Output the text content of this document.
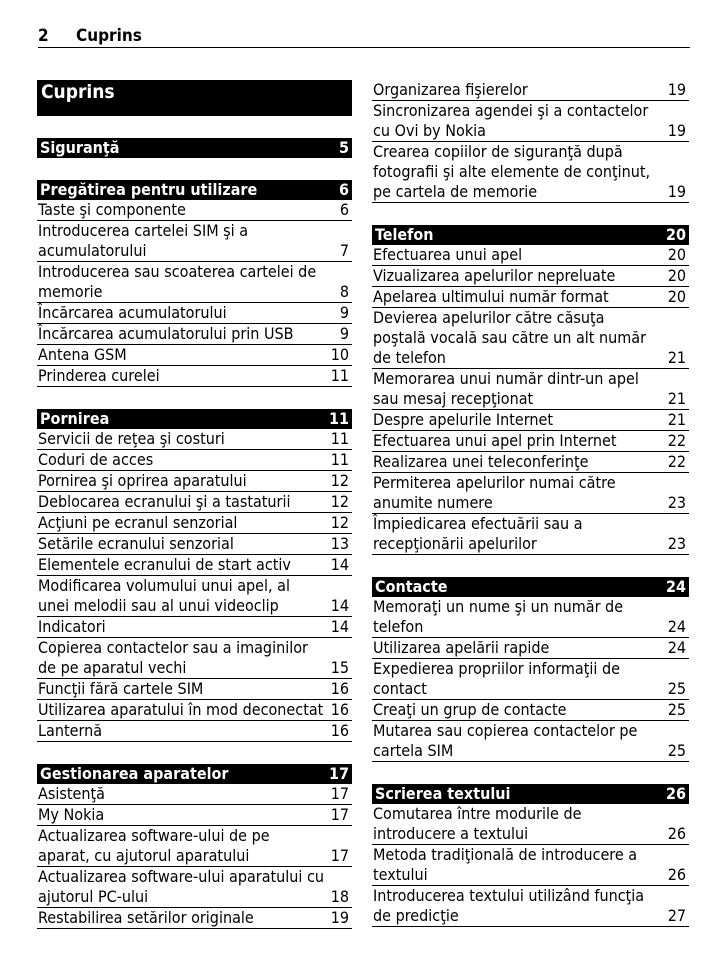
2 Cuprins
Cuprins
Siguranţă	5
Pregătirea pentru utilizare	6
Taste şi componente	6
Introducerea cartelei SIM şi a acumulatorului	7
Introducerea sau scoaterea cartelei de memorie	8
Încărcarea acumulatorului	9
Încărcarea acumulatorului prin USB	9
Antena GSM	10
Prinderea curelei	11
Pornirea	11
Servicii de reţea şi costuri	11
Coduri de acces	11
Pornirea şi oprirea aparatului	12
Deblocarea ecranului şi a tastaturii	12
Acţiuni pe ecranul senzorial	12
Setările ecranului senzorial	13
Elementele ecranului de start activ	14
Modificarea volumului unui apel, al unei melodii sau al unui videoclip	14
Indicatori	14
Copierea contactelor sau a imaginilor de pe aparatul vechi	15
Funcţii fără cartele SIM	16
Utilizarea aparatului în mod deconectat 16
Lanternă	16
Gestionarea aparatelor	17
Asistenţă	17
My Nokia	17
Actualizarea software-ului de pe aparat, cu ajutorul aparatului	17
Actualizarea software-ului aparatului cu ajutorul PC-ului	18
Restabilirea setărilor originale	19
Organizarea fişierelor	19
Sincronizarea agendei şi a contactelor cu Ovi by Nokia	19
Crearea copiilor de siguranţă după fotografii şi alte elemente de conţinut, pe cartela de memorie	19
Telefon	20
Efectuarea unui apel	20
Vizualizarea apelurilor nepreluate	20
Apelarea ultimului număr format	20
Devierea apelurilor către căsuţa poştală vocală sau către un alt număr de telefon	21
Memorarea unui număr dintr-un apel sau mesaj recepţionat	21
Despre apelurile Internet	21
Efectuarea unui apel prin Internet	22
Realizarea unei teleconferinţe	22
Permiterea apelurilor numai către anumite numere	23
Împiedicarea efectuării sau a recepţionării apelurilor	23
Contacte	24
Memoraţi un nume şi un număr de telefon	24
Utilizarea apelării rapide	24
Expedierea propriilor informaţii de contact	25
Creaţi un grup de contacte	25
Mutarea sau copierea contactelor pe cartela SIM	25
Scrierea textului	26
Comutarea între modurile de introducere a textului	26
Metoda tradiţională de introducere a textului	26
Introducerea textului utilizând funcţia de predicţie	27
